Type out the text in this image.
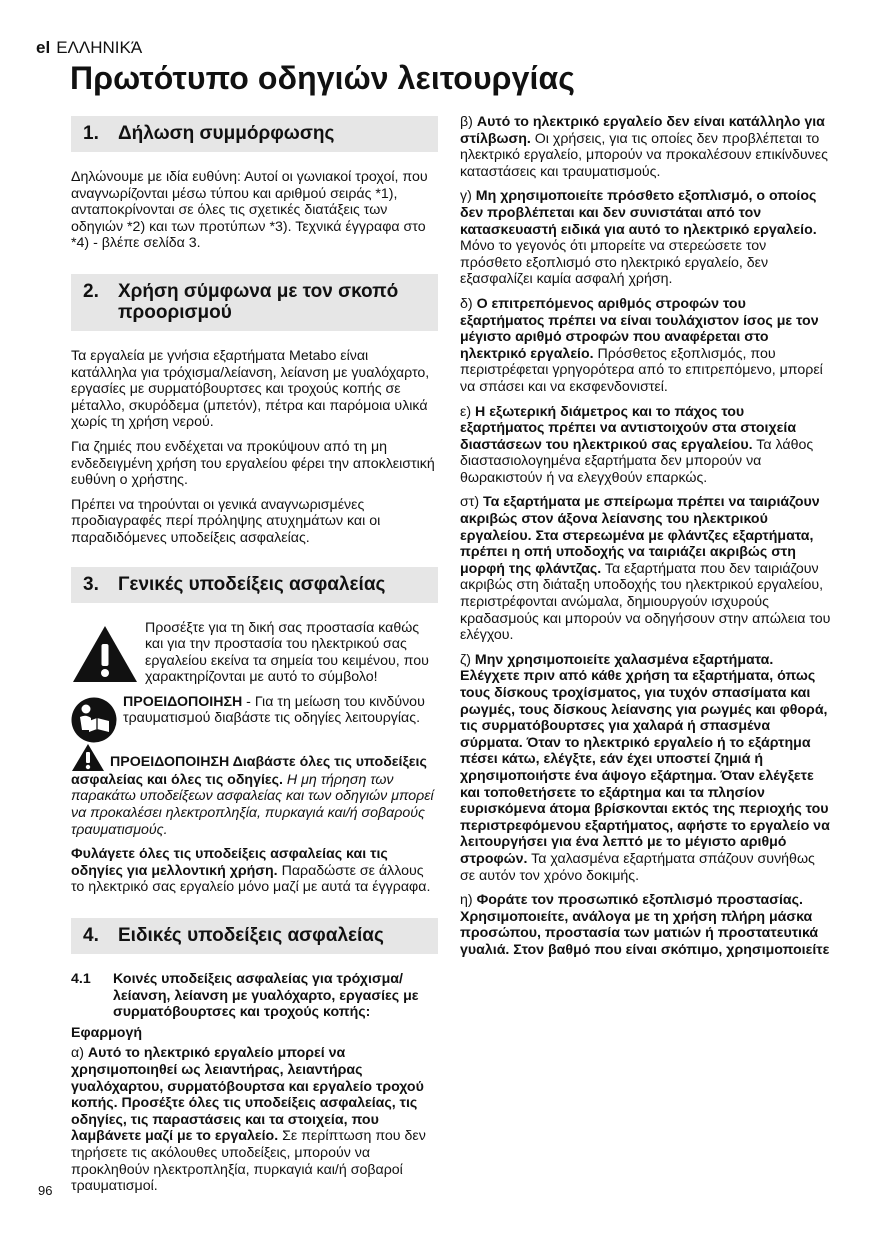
el ΕΛΛΗΝΙΚΆ
Πρωτότυπο οδηγιών λειτουργίας
1.	Δήλωση συμμόρφωσης

Δηλώνουμε με ιδία ευθύνη: Αυτοί οι γωνιακοί τροχοί, που αναγνωρίζονται μέσω τύπου και αριθμού σειράς *1), ανταποκρίνονται σε όλες τις σχετικές διατάξεις των οδηγιών *2) και των προτύπων *3). Τεχνικά έγγραφα στο *4) - βλέπε σελίδα 3.

2.	Χρήση σύμφωνα με τον σκοπό προορισμού

Τα εργαλεία με γνήσια εξαρτήματα Metabo είναι κατάλληλα για τρόχισμα/λείανση, λείανση με γυαλόχαρτο, εργασίες με συρματόβουρτσες και τροχούς κοπής σε μέταλλο, σκυρόδεμα (μπετόν), πέτρα και παρόμοια υλικά χωρίς τη χρήση νερού.

Για ζημιές που ενδέχεται να προκύψουν από τη μη ενδεδειγμένη χρήση του εργαλείου φέρει την αποκλειστική ευθύνη ο χρήστης.

Πρέπει να τηρούνται οι γενικά αναγνωρισμένες προδιαγραφές περί πρόληψης ατυχημάτων και οι παραδιδόμενες υποδείξεις ασφαλείας.

3.	Γενικές υποδείξεις ασφαλείας

Προσέξτε για τη δική σας προστασία καθώς και για την προστασία του ηλεκτρικού σας εργαλείου εκείνα τα σημεία του κειμένου, που χαρακτηρίζονται με αυτό το σύμβολο!

ΠΡΟΕΙΔΟΠΟΙΗΣΗ - Για τη μείωση του κινδύνου τραυματισμού διαβάστε τις οδηγίες λειτουργίας.

ΠΡΟΕΙΔΟΠΟΙΗΣΗ Διαβάστε όλες τις υποδείξεις ασφαλείας και όλες τις οδηγίες. Η μη τήρηση των παρακάτω υποδείξεων ασφαλείας και των οδηγιών μπορεί να προκαλέσει ηλεκτροπληξία, πυρκαγιά και/ή σοβαρούς τραυματισμούς.

Φυλάγετε όλες τις υποδείξεις ασφαλείας και τις οδηγίες για μελλοντική χρήση. Παραδώστε σε άλλους το ηλεκτρικό σας εργαλείο μόνο μαζί με αυτά τα έγγραφα.

4.	Ειδικές υποδείξεις ασφαλείας
4.1	Κοινές υποδείξεις ασφαλείας για τρόχισμα/λείανση, λείανση με γυαλόχαρτο, εργασίες με συρματόβουρτσες και τροχούς κοπής:

Εφαρμογή

α) Αυτό το ηλεκτρικό εργαλείο μπορεί να χρησιμοποιηθεί ως λειαντήρας, λειαντήρας γυαλόχαρτου, συρματόβουρτσα και εργαλείο τροχού κοπής. Προσέξτε όλες τις υποδείξεις ασφαλείας, τις οδηγίες, τις παραστάσεις και τα στοιχεία, που λαμβάνετε μαζί με το εργαλείο. Σε περίπτωση που δεν τηρήσετε τις ακόλουθες υποδείξεις, μπορούν να προκληθούν ηλεκτροπληξία, πυρκαγιά και/ή σοβαροί τραυματισμοί.

β) Αυτό το ηλεκτρικό εργαλείο δεν είναι κατάλληλο για στίλβωση. Οι χρήσεις, για τις οποίες δεν προβλέπεται το ηλεκτρικό εργαλείο, μπορούν να προκαλέσουν επικίνδυνες καταστάσεις και τραυματισμούς.

γ) Μη χρησιμοποιείτε πρόσθετο εξοπλισμό, ο οποίος δεν προβλέπεται και δεν συνιστάται από τον κατασκευαστή ειδικά για αυτό το ηλεκτρικό εργαλείο. Μόνο το γεγονός ότι μπορείτε να στερεώσετε τον πρόσθετο εξοπλισμό στο ηλεκτρικό εργαλείο, δεν εξασφαλίζει καμία ασφαλή χρήση.

δ) Ο επιτρεπόμενος αριθμός στροφών του εξαρτήματος πρέπει να είναι τουλάχιστον ίσος με τον μέγιστο αριθμό στροφών που αναφέρεται στο ηλεκτρικό εργαλείο. Πρόσθετος εξοπλισμός, που περιστρέφεται γρηγορότερα από το επιτρεπόμενο, μπορεί να σπάσει και να εκσφενδονιστεί.

ε) Η εξωτερική διάμετρος και το πάχος του εξαρτήματος πρέπει να αντιστοιχούν στα στοιχεία διαστάσεων του ηλεκτρικού σας εργαλείου. Τα λάθος διαστασιολογημένα εξαρτήματα δεν μπορούν να θωρακιστούν ή να ελεγχθούν επαρκώς.

στ) Τα εξαρτήματα με σπείρωμα πρέπει να ταιριάζουν ακριβώς στον άξονα λείανσης του ηλεκτρικού εργαλείου. Στα στερεωμένα με φλάντζες εξαρτήματα, πρέπει η οπή υποδοχής να ταιριάζει ακριβώς στη μορφή της φλάντζας. Τα εξαρτήματα που δεν ταιριάζουν ακριβώς στη διάταξη υποδοχής του ηλεκτρικού εργαλείου, περιστρέφονται ανώμαλα, δημιουργούν ισχυρούς κραδασμούς και μπορούν να οδηγήσουν στην απώλεια του ελέγχου.

ζ) Μην χρησιμοποιείτε χαλασμένα εξαρτήματα. Ελέγχετε πριν από κάθε χρήση τα εξαρτήματα, όπως τους δίσκους τροχίσματος, για τυχόν σπασίματα και ρωγμές, τους δίσκους λείανσης για ρωγμές και φθορά, τις συρματόβουρτσες για χαλαρά ή σπασμένα σύρματα. Όταν το ηλεκτρικό εργαλείο ή το εξάρτημα πέσει κάτω, ελέγξτε, εάν έχει υποστεί ζημιά ή χρησιμοποιήστε ένα άψογο εξάρτημα. Όταν ελέγξετε και τοποθετήσετε το εξάρτημα και τα πλησίον ευρισκόμενα άτομα βρίσκονται εκτός της περιοχής του περιστρεφόμενου εξαρτήματος, αφήστε το εργαλείο να λειτουργήσει για ένα λεπτό με το μέγιστο αριθμό στροφών. Τα χαλασμένα εξαρτήματα σπάζουν συνήθως σε αυτόν τον χρόνο δοκιμής.

η) Φοράτε τον προσωπικό εξοπλισμό προστασίας. Χρησιμοποιείτε, ανάλογα με τη χρήση πλήρη μάσκα προσώπου, προστασία των ματιών ή προστατευτικά γυαλιά. Στον βαθμό που είναι σκόπιμο, χρησιμοποιείτε

96
